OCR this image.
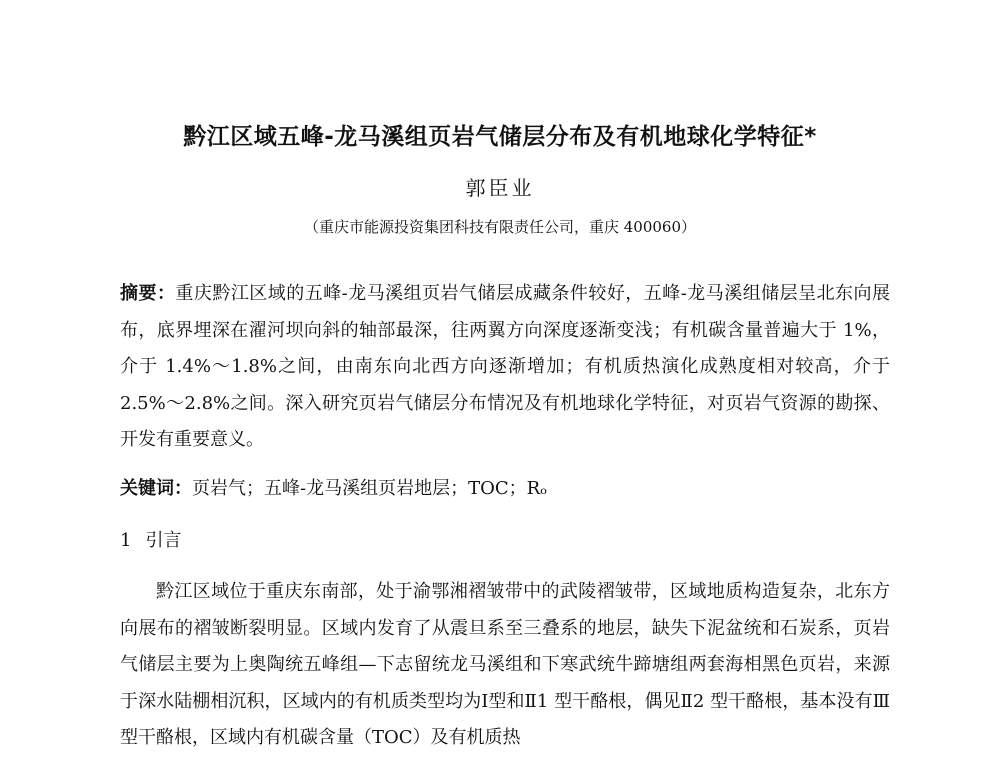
黔江区域五峰-龙马溪组页岩气储层分布及有机地球化学特征*
郭臣业
（重庆市能源投资集团科技有限责任公司，重庆 400060）
摘要：重庆黔江区域的五峰-龙马溪组页岩气储层成藏条件较好，五峰-龙马溪组储层呈北东向展布，底界埋深在濯河坝向斜的轴部最深，往两翼方向深度逐渐变浅；有机碳含量普遍大于 1%，介于 1.4%～1.8%之间，由南东向北西方向逐渐增加；有机质热演化成熟度相对较高，介于 2.5%～2.8%之间。深入研究页岩气储层分布情况及有机地球化学特征，对页岩气资源的勘探、开发有重要意义。
关键词：页岩气；五峰-龙马溪组页岩地层；TOC；Rₒ
1 引言
黔江区域位于重庆东南部，处于渝鄂湘褶皱带中的武陵褶皱带，区域地质构造复杂，北东方向展布的褶皱断裂明显。区域内发育了从震旦系至三叠系的地层，缺失下泥盆统和石炭系，页岩气储层主要为上奥陶统五峰组—下志留统龙马溪组和下寒武统牛蹄塘组两套海相黑色页岩，来源于深水陆棚相沉积，区域内的有机质类型均为Ⅰ型和Ⅱ1 型干酪根，偶见Ⅱ2 型干酪根，基本没有Ⅲ型干酪根，区域内有机碳含量（TOC）及有机质热
